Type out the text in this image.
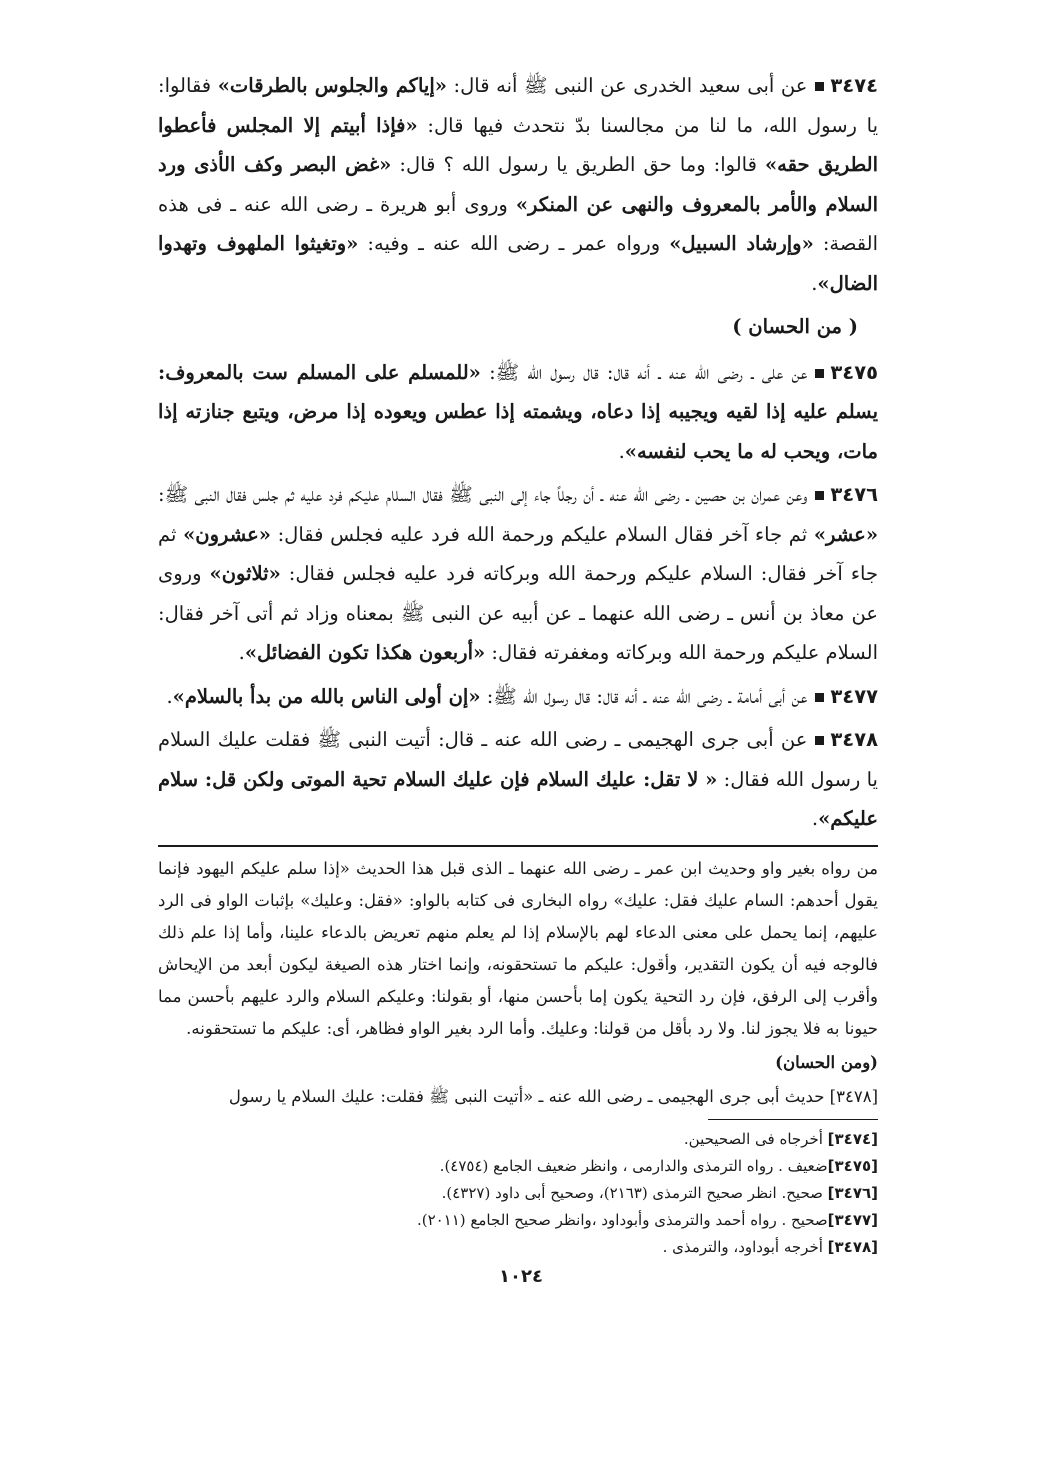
٣٤٧٤عن أبى سعيد الخدرى عن النبى ﷺ أنه قال: «إياكم والجلوس بالطرقات» فقالوا: يا رسول الله، ما لنا من مجالسنا بدّ نتحدث فيها قال: «فإذا أبيتم إلا المجلس فأعطوا الطريق حقه» قالوا: وما حق الطريق يا رسول الله ؟ قال: «غض البصر وكف الأذى ورد السلام والأمر بالمعروف والنهى عن المنكر» وروى أبو هريرة ـ رضى الله عنه ـ فى هذه القصة: «وإرشاد السبيل» ورواه عمر ـ رضى الله عنه ـ وفيه: «وتغيثوا الملهوف وتهدوا الضال».

( من الحسان )

٣٤٧٥عن على ـ رضى الله عنه ـ أنه قال: قال رسول الله ﷺ: «للمسلم على المسلم ست بالمعروف: يسلم عليه إذا لقيه ويجيبه إذا دعاه، ويشمته إذا عطس ويعوده إذا مرض، ويتبع جنازته إذا مات، ويحب له ما يحب لنفسه».

٣٤٧٦وعن عمران بن حصين ـ رضى الله عنه ـ أن رجلاً جاء إلى النبى ﷺ فقال السلام عليكم فرد عليه ثم جلس فقال النبى ﷺ: «عشر» ثم جاء آخر فقال السلام عليكم ورحمة الله فرد عليه فجلس فقال: «عشرون» ثم جاء آخر فقال: السلام عليكم ورحمة الله وبركاته فرد عليه فجلس فقال: «ثلاثون» وروى عن معاذ بن أنس ـ رضى الله عنهما ـ عن أبيه عن النبى ﷺ بمعناه وزاد ثم أتى آخر فقال: السلام عليكم ورحمة الله وبركاته ومغفرته فقال: «أربعون هكذا تكون الفضائل».

٣٤٧٧عن أبى أمامة ـ رضى الله عنه ـ أنه قال: قال رسول الله ﷺ: «إن أولى الناس بالله من بدأ بالسلام».

٣٤٧٨عن أبى جرى الهجيمى ـ رضى الله عنه ـ قال: أتيت النبى ﷺ فقلت عليك السلام يا رسول الله فقال: « لا تقل: عليك السلام فإن عليك السلام تحية الموتى ولكن قل: سلام عليكم».

من رواه بغير واو وحديث ابن عمر ـ رضى الله عنهما ـ الذى قبل هذا الحديث «إذا سلم عليكم اليهود فإنما يقول أحدهم: السام عليك فقل: عليك» رواه البخارى فى كتابه بالواو: «فقل: وعليك» بإثبات الواو فى الرد عليهم، إنما يحمل على معنى الدعاء لهم بالإسلام إذا لم يعلم منهم تعريض بالدعاء علينا، وأما إذا علم ذلك فالوجه فيه أن يكون التقدير، وأقول: عليكم ما تستحقونه، وإنما اختار هذه الصيغة ليكون أبعد من الإيحاش وأقرب إلى الرفق، فإن رد التحية يكون إما بأحسن منها، أو بقولنا: وعليكم السلام والرد عليهم بأحسن مما حيونا به فلا يجوز لنا. ولا رد بأقل من قولنا: وعليك. وأما الرد بغير الواو فظاهر، أى: عليكم ما تستحقونه.

(ومن الحسان)

[٣٤٧٨] حديث أبى جرى الهجيمى ـ رضى الله عنه ـ «أتيت النبى ﷺ فقلت: عليك السلام يا رسول

[٣٤٧٤] أخرجاه فى الصحيحين.

[٣٤٧٥]ضعيف . رواه الترمذى والدارمى ، وانظر ضعيف الجامع (٤٧٥٤).

[٣٤٧٦] صحيح. انظر صحيح الترمذى (٢١٦٣)، وصحيح أبى داود (٤٣٢٧).

[٣٤٧٧]صحيح . رواه أحمد والترمذى وأبوداود ،وانظر صحيح الجامع (٢٠١١).

[٣٤٧٨] أخرجه أبوداود، والترمذى .

١٠٢٤
